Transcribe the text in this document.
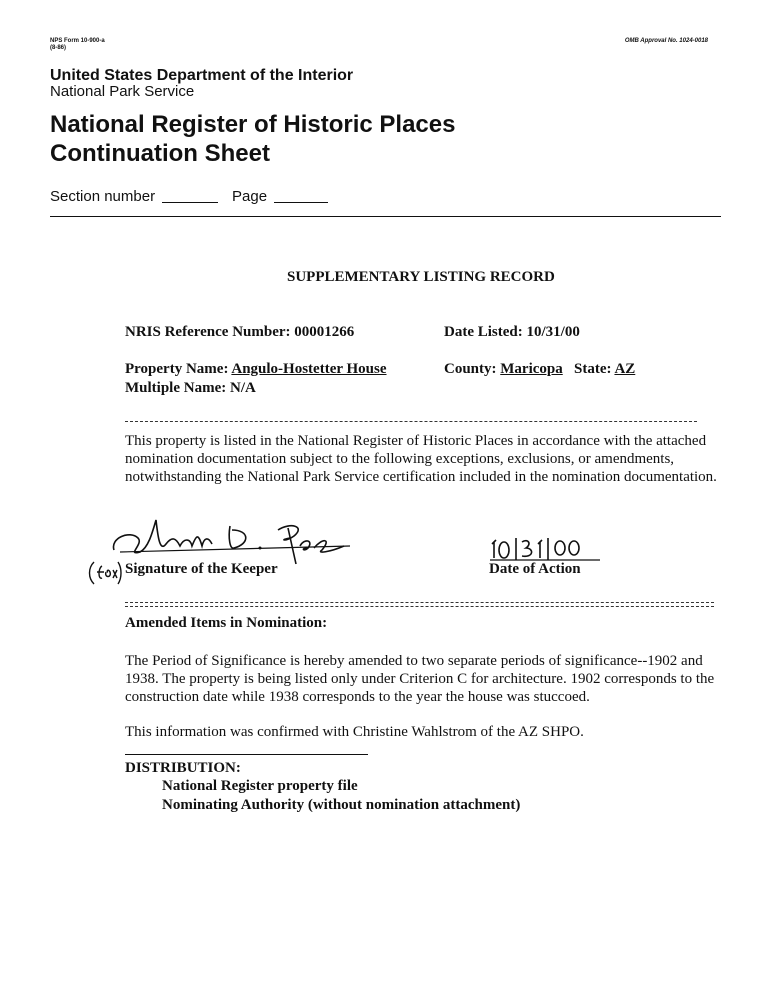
NPS Form 10-900-a
(8-86)
OMB Approval No. 1024-0018
United States Department of the Interior
National Park Service
National Register of Historic Places
Continuation Sheet
Section number	Page
SUPPLEMENTARY LISTING RECORD
NRIS Reference Number: 00001266	Date Listed: 10/31/00
Property Name: Angulo-Hostetter House	County: Maricopa State: AZ
Multiple Name: N/A
This property is listed in the National Register of Historic Places in accordance with the attached nomination documentation subject to the following exceptions, exclusions, or amendments, notwithstanding the National Park Service certification included in the nomination documentation.
Signature of the Keeper	Date of Action
Amended Items in Nomination:
The Period of Significance is hereby amended to two separate periods of significance--1902 and 1938. The property is being listed only under Criterion C for architecture. 1902 corresponds to the construction date while 1938 corresponds to the year the house was stuccoed.
This information was confirmed with Christine Wahlstrom of the AZ SHPO.
DISTRIBUTION:
National Register property file
Nominating Authority (without nomination attachment)
